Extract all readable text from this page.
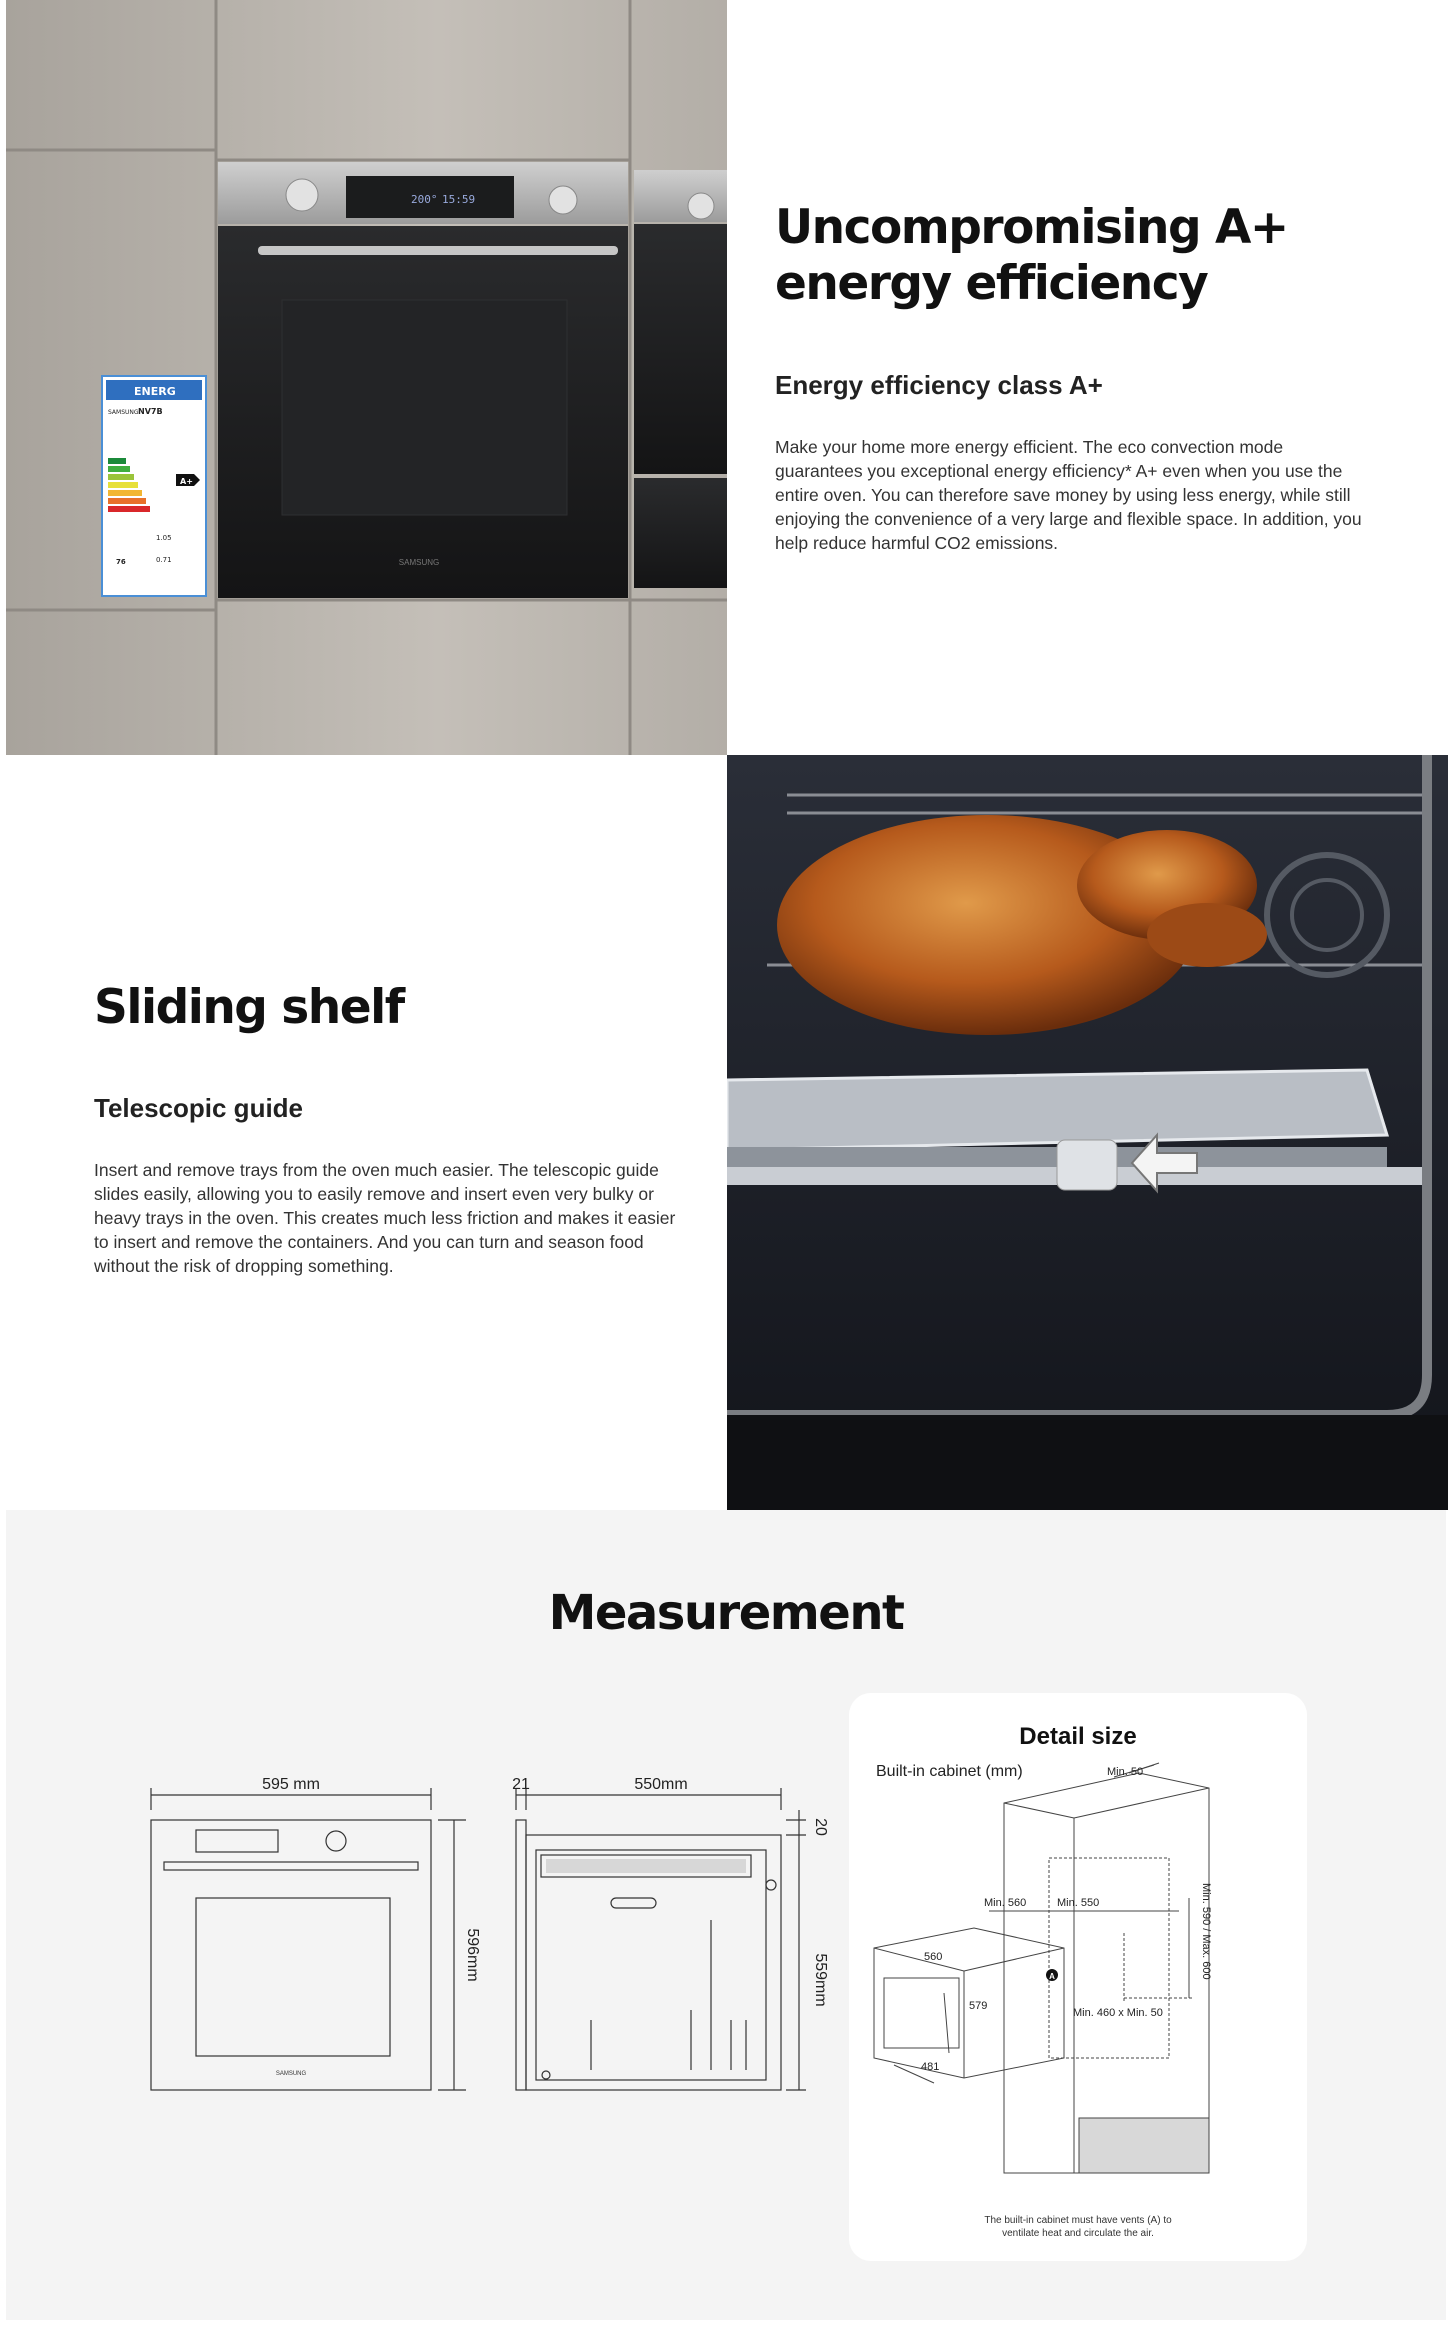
200° 15:59
SAMSUNG
ENERG
SAMSUNG NV7B
A+
1.05
0.71
76
Uncompromising A+
energy efficiency
Energy efficiency class A+

Make your home more energy efficient. The eco convection mode guarantees you exceptional energy efficiency* A+ even when you use the entire oven. You can therefore save money by using less energy, while still enjoying the convenience of a very large and flexible space. In addition, you help reduce harmful CO2 emissions.

Sliding shelf
Telescopic guide

Insert and remove trays from the oven much easier. The telescopic guide slides easily, allowing you to easily remove and insert even very bulky or heavy trays in the oven. This creates much less friction and makes it easier to insert and remove the containers. And you can turn and season food without the risk of dropping something.

Measurement
595 mm
596mm
SAMSUNG
21	550mm
20
559mm
Detail size
Built-in cabinet (mm)
A
Min. 50
Min. 560	Min. 550	Min. 590 / Max. 600
560
579
Min. 460 x Min. 50
481
The built-in cabinet must have vents (A) to
ventilate heat and circulate the air.
